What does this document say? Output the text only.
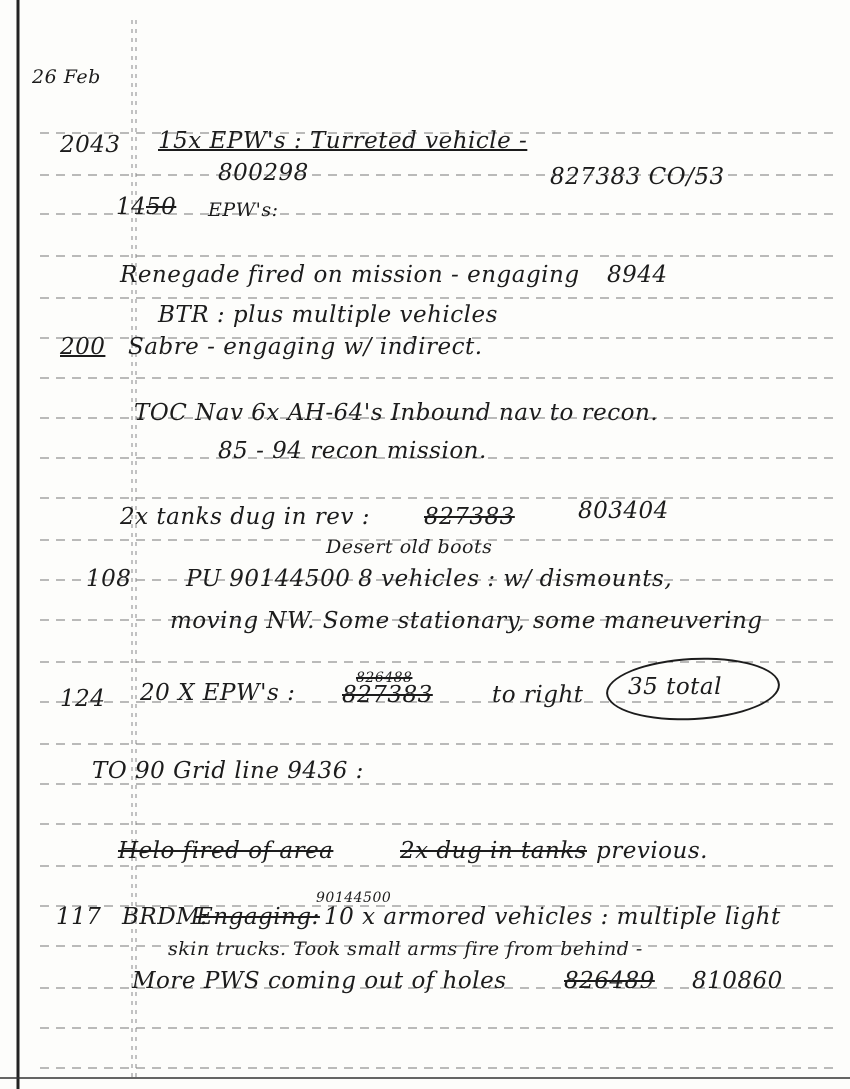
26 Feb
2043 15x EPW's : Turreted vehicle -
800298	827383 CO/53
14 50 EPW's:
Renegade fired on mission - engaging 8944
BTR : plus multiple vehicles
200 Sabre - engaging w/ indirect.
TOC Nav 6x AH-64's Inbound nav to recon.
85 - 94 recon mission.
2x tanks dug in rev : 827383	803404
Desert old boots
108 PU 90144500 8 vehicles : w/ dismounts,
moving NW. Some stationary, some maneuvering
826488
124 20 X EPW's : 827383	to right 35 total
TO 90 Grid line 9436 :
Helo fired of area	2x dug in tanks previous.
90144500
117 BRDM:
Engaging: 10 x armored vehicles : multiple light
skin trucks. Took small arms fire from behind -
More PWS coming out of holes 826489 810860
